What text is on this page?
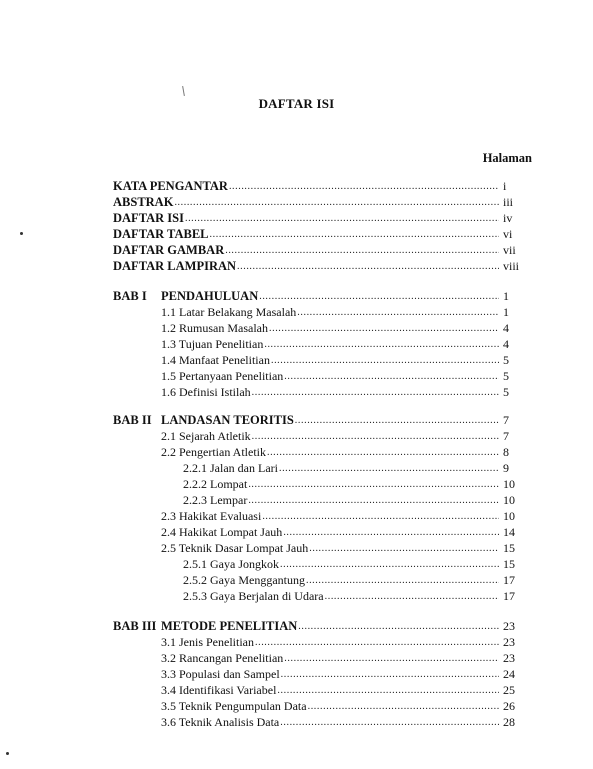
DAFTAR ISI
Halaman
KATA PENGANTAR .....	i
ABSTRAK .....	iii
DAFTAR ISI .....	iv
DAFTAR TABEL .....	vi
DAFTAR GAMBAR .....	vii
DAFTAR LAMPIRAN .....	viii
BAB I	PENDAHULUAN .....	1
1.1 Latar Belakang Masalah .....	1
1.2 Rumusan Masalah .....	4
1.3 Tujuan Penelitian .....	4
1.4 Manfaat Penelitian .....	5
1.5 Pertanyaan Penelitian .....	5
1.6 Definisi Istilah .....	5
BAB II LANDASAN TEORITIS .....	7
2.1 Sejarah Atletik .....	7
2.2 Pengertian Atletik .....	8
2.2.1 Jalan dan Lari .....	9
2.2.2 Lompat .....	10
2.2.3 Lempar .....	10
2.3 Hakikat Evaluasi .....	10
2.4 Hakikat Lompat Jauh .....	14
2.5 Teknik Dasar Lompat Jauh .....	15
2.5.1 Gaya Jongkok .....	15
2.5.2 Gaya Menggantung .....	17
2.5.3 Gaya Berjalan di Udara .....	17
BAB III METODE PENELITIAN .....	23
3.1 Jenis Penelitian .....	23
3.2 Rancangan Penelitian .....	23
3.3 Populasi dan Sampel .....	24
3.4 Identifikasi Variabel .....	25
3.5 Teknik Pengumpulan Data .....	26
3.6 Teknik Analisis Data .....	28
